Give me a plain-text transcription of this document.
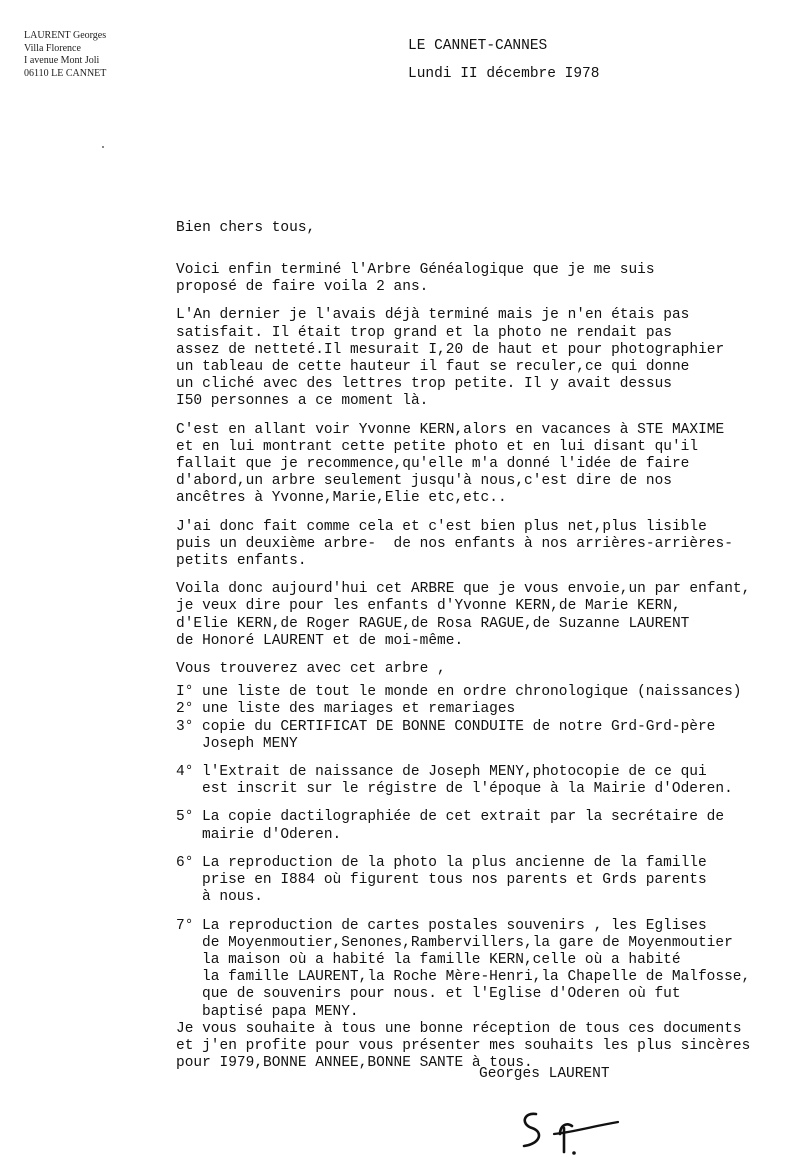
LAURENT Georges
Villa Florence
I avenue Mont Joli
06110 LE CANNET
LE CANNET-CANNES
Lundi II décembre I978
Bien chers tous,

Voici enfin terminé l'Arbre Généalogique que je me suis
proposé de faire voila 2 ans.

L'An dernier je l'avais déjà terminé mais je n'en étais pas
satisfait. Il était trop grand et la photo ne rendait pas
assez de netteté.Il mesurait I,20 de haut et pour photographier
un tableau de cette hauteur il faut se reculer,ce qui donne
un cliché avec des lettres trop petite. Il y avait dessus
I50 personnes a ce moment là.

C'est en allant voir Yvonne KERN,alors en vacances à STE MAXIME
et en lui montrant cette petite photo et en lui disant qu'il
fallait que je recommence,qu'elle m'a donné l'idée de faire
d'abord,un arbre seulement jusqu'à nous,c'est dire de nos
ancêtres à Yvonne,Marie,Elie etc,etc..

J'ai donc fait comme cela et c'est bien plus net,plus lisible
puis un deuxième arbre-  de nos enfants à nos arrières-arrières-
petits enfants.

Voila donc aujourd'hui cet ARBRE que je vous envoie,un par enfant,
je veux dire pour les enfants d'Yvonne KERN,de Marie KERN,
d'Elie KERN,de Roger RAGUE,de Rosa RAGUE,de Suzanne LAURENT
de Honoré LAURENT et de moi-même.

Vous trouverez avec cet arbre ,

I° une liste de tout le monde en ordre chronologique (naissances)
2° une liste des mariages et remariages
3° copie du CERTIFICAT DE BONNE CONDUITE de notre Grd-Grd-père
Joseph MENY
4° l'Extrait de naissance de Joseph MENY,photocopie de ce qui
est inscrit sur le régistre de l'époque à la Mairie d'Oderen.
5° La copie dactilographiée de cet extrait par la secrétaire de
mairie d'Oderen.
6° La reproduction de la photo la plus ancienne de la famille
prise en I884 où figurent tous nos parents et Grds parents
à nous.
7° La reproduction de cartes postales souvenirs , les Eglises
de Moyenmoutier,Senones,Rambervillers,la gare de Moyenmoutier
la maison où a habité la famille KERN,celle où a habité
la famille LAURENT,la Roche Mère-Henri,la Chapelle de Malfosse,
que de souvenirs pour nous. et l'Eglise d'Oderen où fut
baptisé papa MENY.

Je vous souhaite à tous une bonne réception de tous ces documents
et j'en profite pour vous présenter mes souhaits les plus sincères
pour I979,BONNE ANNEE,BONNE SANTE à tous.

Georges LAURENT
